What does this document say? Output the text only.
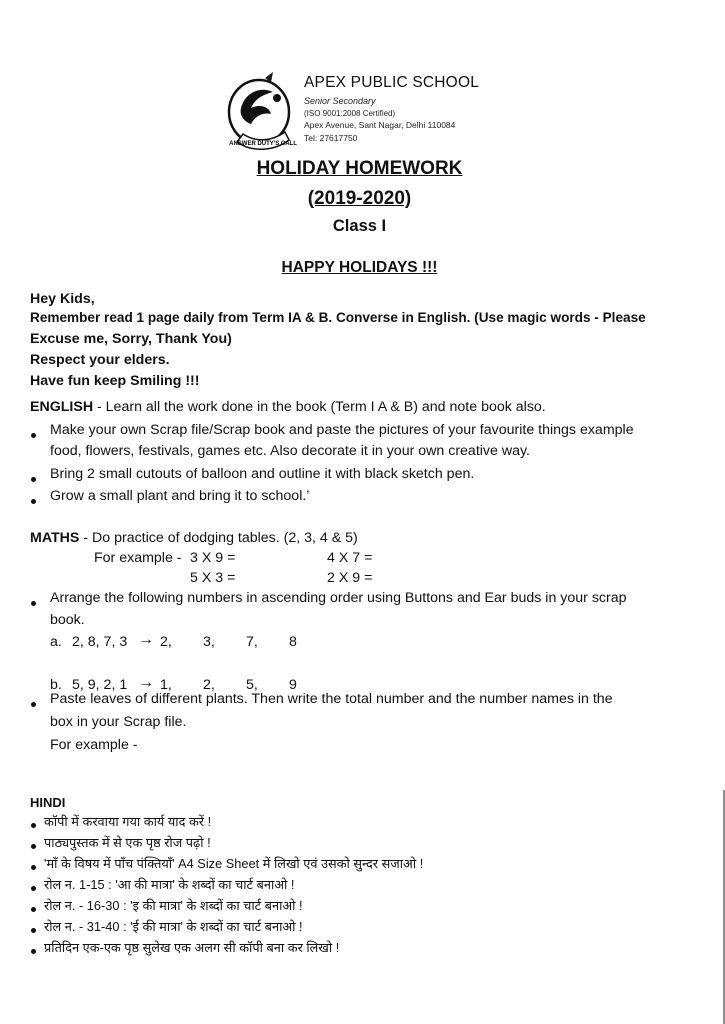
ANSWER DUTY'S CALL
APEX PUBLIC SCHOOL
Senior Secondary
(ISO 9001:2008 Certified)
Apex Avenue, Sant Nagar, Delhi 110084
Tel: 27617750
HOLIDAY HOMEWORK
(2019-2020)
Class I
HAPPY HOLIDAYS !!!
Hey Kids,
Remember read 1 page daily from Term IA & B. Converse in English. (Use magic words - Please
Excuse me, Sorry, Thank You)
Respect your elders.
Have fun keep Smiling !!!
ENGLISH - Learn all the work done in the book (Term I A & B) and note book also.
Make your own Scrap file/Scrap book and paste the pictures of your favourite things example
food, flowers, festivals, games etc. Also decorate it in your own creative way.
Bring 2 small cutouts of balloon and outline it with black sketch pen.
Grow a small plant and bring it to school.’
MATHS - Do practice of dodging tables. (2, 3, 4 & 5)
For example - 3 X 9 =	4 X 7 =
5 X 3 =	2 X 9 =
Arrange the following numbers in ascending order using Buttons and Ear buds in your scrap
book.
a. 2, 8, 7, 3 → 2, 3, 7, 8
b. 5, 9, 2, 1 → 1, 2, 5, 9
Paste leaves of different plants. Then write the total number and the number names in the
box in your Scrap file.
For example -
HINDI
कॉपी में करवाया गया कार्य याद करें !
पाठ्यपुस्तक में से एक पृष्ठ रोज पढ़ो !
'माँ के विषय में पाँच पंक्तियाँ' A4 Size Sheet में लिखो एवं उसको सुन्दर सजाओ !
रोल न. 1-15 : 'आ की मात्रा' के शब्दों का चार्ट बनाओ !
रोल न. - 16-30 : 'इ की मात्रा' के शब्दों का चार्ट बनाओ !
रोल न. - 31-40 : 'ई की मात्रा' के शब्दों का चार्ट बनाओ !
प्रतिदिन एक-एक पृष्ठ सुलेख एक अलग सी कॉपी बना कर लिखो !
